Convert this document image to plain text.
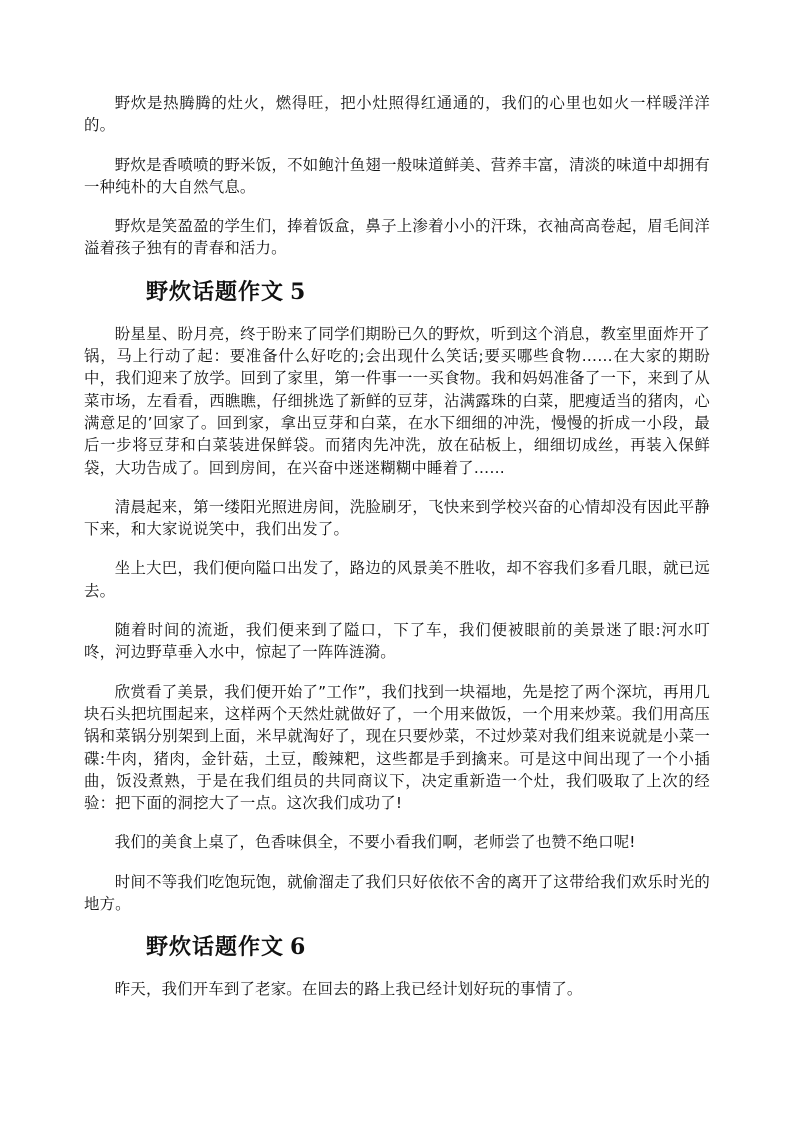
野炊是热腾腾的灶火，燃得旺，把小灶照得红通通的，我们的心里也如火一样暖洋洋的。

野炊是香喷喷的野米饭，不如鲍汁鱼翅一般味道鲜美、营养丰富，清淡的味道中却拥有一种纯朴的大自然气息。

野炊是笑盈盈的学生们，捧着饭盒，鼻子上渗着小小的汗珠，衣袖高高卷起，眉毛间洋溢着孩子独有的青春和活力。

野炊话题作文 5

盼星星、盼月亮，终于盼来了同学们期盼已久的野炊，听到这个消息，教室里面炸开了锅，马上行动了起：要准备什么好吃的;会出现什么笑话;要买哪些食物……在大家的期盼中，我们迎来了放学。回到了家里，第一件事一一买食物。我和妈妈准备了一下，来到了从菜市场，左看看，西瞧瞧，仔细挑选了新鲜的豆芽，沾满露珠的白菜，肥瘦适当的猪肉，心满意足的’回家了。回到家，拿出豆芽和白菜，在水下细细的冲洗，慢慢的折成一小段，最后一步将豆芽和白菜装进保鲜袋。而猪肉先冲洗，放在砧板上，细细切成丝，再装入保鲜袋，大功告成了。回到房间，在兴奋中迷迷糊糊中睡着了……

清晨起来，第一缕阳光照进房间，洗脸刷牙，飞快来到学校兴奋的心情却没有因此平静下来，和大家说说笑中，我们出发了。

坐上大巴，我们便向隘口出发了，路边的风景美不胜收，却不容我们多看几眼，就已远去。

随着时间的流逝，我们便来到了隘口，下了车，我们便被眼前的美景迷了眼:河水叮咚，河边野草垂入水中，惊起了一阵阵涟漪。

欣赏看了美景，我们便开始了”工作”，我们找到一块福地，先是挖了两个深坑，再用几块石头把坑围起来，这样两个天然灶就做好了，一个用来做饭，一个用来炒菜。我们用高压锅和菜锅分别架到上面，米早就淘好了，现在只要炒菜，不过炒菜对我们组来说就是小菜一碟:牛肉，猪肉，金针菇，土豆，酸辣粑，这些都是手到擒来。可是这中间出现了一个小插曲，饭没煮熟，于是在我们组员的共同商议下，决定重新造一个灶，我们吸取了上次的经验：把下面的洞挖大了一点。这次我们成功了!

我们的美食上桌了，色香味俱全，不要小看我们啊，老师尝了也赞不绝口呢!

时间不等我们吃饱玩饱，就偷溜走了我们只好依依不舍的离开了这带给我们欢乐时光的地方。

野炊话题作文 6

昨天，我们开车到了老家。在回去的路上我已经计划好玩的事情了。
